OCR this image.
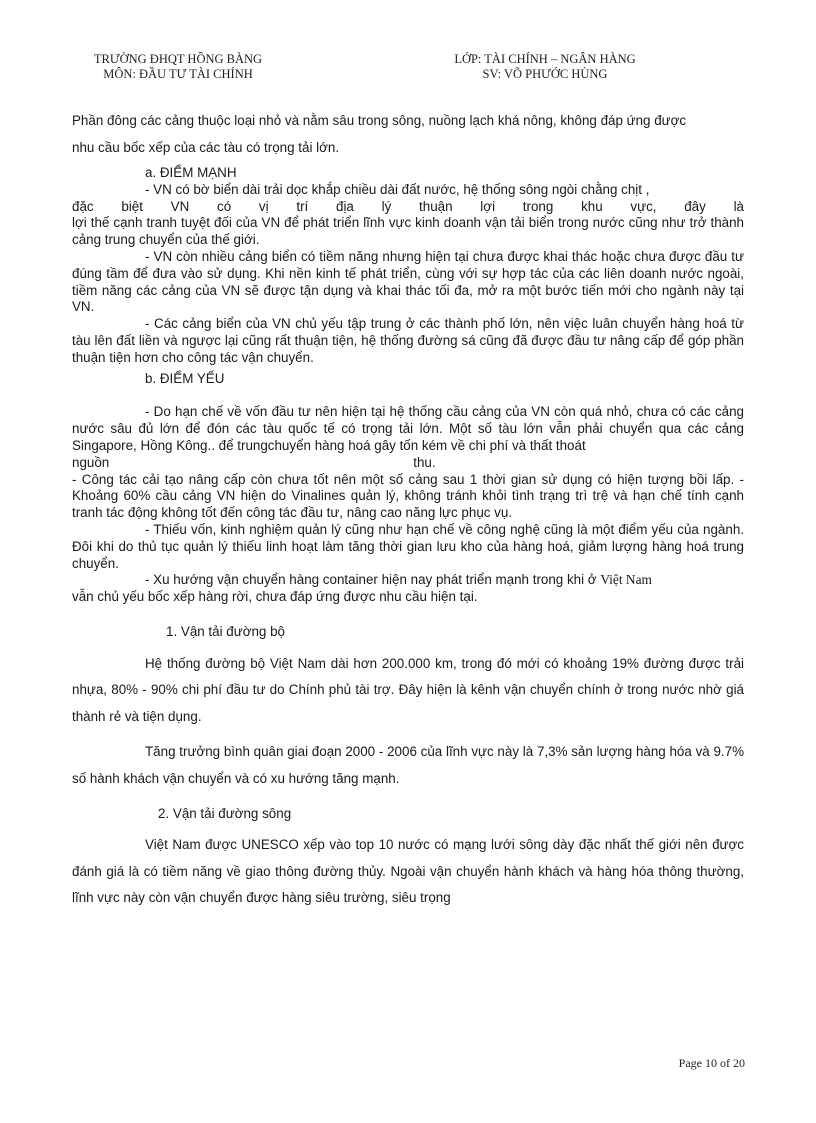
TRƯỜNG ĐHQT HỒNG BÀNG
MÔN: ĐẦU TƯ TÀI CHÍNH
LỚP: TÀI CHÍNH – NGÂN HÀNG
SV: VÕ PHƯỚC HÙNG

Phần đông các cảng thuộc loại nhỏ và nằm sâu trong sông, nuồng lạch khá nông, không đáp ứng được

nhu cầu bốc xếp của các tàu có trọng tải lớn.

a. ĐIỂM MẠNH

- VN có bờ biển dài trải dọc khắp chiều dài đất nước, hệ thống sông ngòi chằng chịt ,

đặc biệt VN có vị trí địa lý thuận lợi trong khu vực, đây là

lợi thế cạnh tranh tuyệt đối của VN để phát triển lĩnh vực kinh doanh vận tải biển trong nước cũng như trở thành cảng trung chuyển của thế giới.

- VN còn nhiều cảng biển có tiềm năng nhưng hiện tại chưa được khai thác hoặc chưa được đầu tư đúng tầm để đưa vào sử dụng. Khi nền kinh tế phát triển, cùng với sự hợp tác của các liên doanh nước ngoài, tiềm năng các cảng của VN sẽ được tận dụng và khai thác tối đa, mở ra một bước tiến mới cho ngành này tại VN.

- Các cảng biển của VN chủ yếu tập trung ở các thành phố lớn, nên việc luân chuyển hàng hoá từ tàu lên đất liền và ngược lại cũng rất thuận tiện, hệ thống đường sá cũng đã được đầu tư nâng cấp để góp phần thuận tiện hơn cho công tác vận chuyển.

b. ĐIỂM YẾU

- Do hạn chế về vốn đầu tư nên hiện tại hệ thống cầu cảng của VN còn quá nhỏ, chưa có các cảng nước sâu đủ lớn để đón các tàu quốc tế có trọng tải lớn. Một số tàu lớn vẫn phải chuyển qua các cảng Singapore, Hồng Kông.. để trungchuyển hàng hoá gây tốn kém về chi phí và thất thoát

nguồn	thu.

- Công tác cải tạo nâng cấp còn chưa tốt nên một số cảng sau 1 thời gian sử dụng có hiện tượng bồi lấp. - Khoảng 60% cầu cảng VN hiện do Vinalines quản lý, không tránh khỏi tình trạng trì trệ và hạn chế tính cạnh tranh tác động không tốt đến công tác đầu tư, nâng cao năng lực phục vụ.

- Thiếu vốn, kinh nghiệm quản lý cũng như hạn chế về công nghệ cũng là một điểm yếu của ngành. Đôi khi do thủ tục quản lý thiếu linh hoạt làm tăng thời gian lưu kho của hàng hoá, giảm lượng hàng hoá trung chuyển.

- Xu hướng vận chuyển hàng container hiện nay phát triển mạnh trong khi ở Việt Nam

vẫn chủ yếu bốc xếp hàng rời, chưa đáp ứng được nhu cầu hiện tại.

1. Vận tải đường bộ

Hệ thống đường bộ Việt Nam dài hơn 200.000 km, trong đó mới có khoảng 19% đường được trải nhựa, 80% - 90% chi phí đầu tư do Chính phủ tài trợ. Đây hiện là kênh vận chuyển chính ở trong nước nhờ giá thành rẻ và tiện dụng.

Tăng trưởng bình quân giai đoạn 2000 - 2006 của lĩnh vực này là 7,3% sản lượng hàng hóa và 9.7% số hành khách vận chuyển và có xu hướng tăng mạnh.

2. Vận tải đường sông

Việt Nam được UNESCO xếp vào top 10 nước có mạng lưới sông dày đặc nhất thế giới nên được đánh giá là có tiềm năng về giao thông đường thủy. Ngoài vận chuyển hành khách và hàng hóa thông thường, lĩnh vực này còn vận chuyển được hàng siêu trường, siêu trọng

Page 10 of 20
